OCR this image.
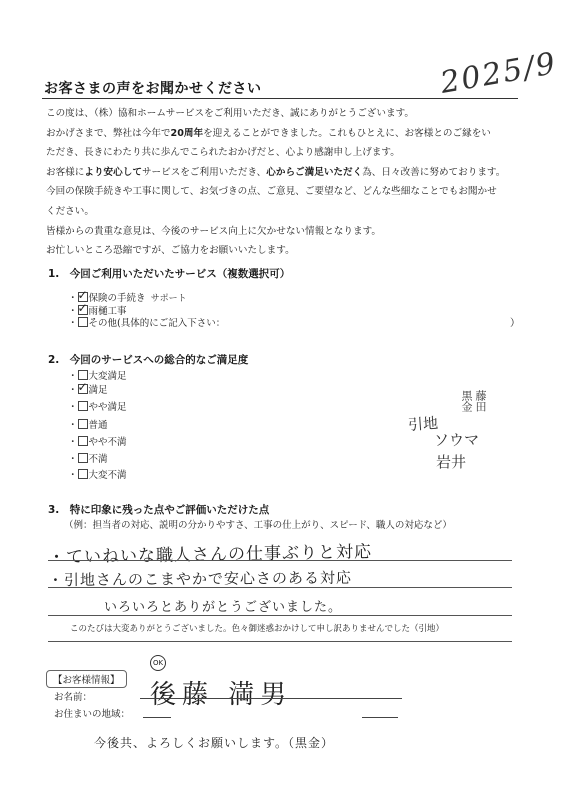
お客さまの声をお聞かせください	2025/9

この度は、（株）協和ホームサービスをご利用いただき、誠にありがとうございます。

おかげさまで、弊社は今年で20周年を迎えることができました。これもひとえに、お客様とのご縁をい

ただき、長きにわたり共に歩んでこられたおかげだと、心より感謝申し上げます。

お客様により安心してサービスをご利用いただき、心からご満足いただく為、日々改善に努めております。

今回の保険手続きや工事に関して、お気づきの点、ご意見、ご要望など、どんな些細なことでもお聞かせ

ください。

皆様からの貴重な意見は、今後のサービス向上に欠かせない情報となります。

お忙しいところ恐縮ですが、ご協力をお願いいたします。

1.　今回ご利用いただいたサービス（複数選択可）
・ ✓ 保険の手続き サポート
・ ✓ 雨樋工事
・ その他(具体的にご記入下さい：	）
2.　今回のサービスへの総合的なご満足度
・ 大変満足
・ ✓ 満足
・ やや満足
・ 普通
・ やや不満
・ 不満
・ 大変不満
引地
ソウマ
岩井
黒金 藤田
3.　特に印象に残った点やご評価いただけた点
（例：担当者の対応、説明の分かりやすさ、工事の仕上がり、スピード、職人の対応など）
・ていねいな職人さんの仕事ぶりと対応
・引地さんのこまやかで安心さのある対応
いろいろとありがとうございました。
このたびは大変ありがとうございました。色々御迷惑おかけして申し訳ありませんでした（引地）
【お客様情報】
OK
お名前： 後藤 満男
お住まいの地域：
今後共、よろしくお願いします。（黒金）
